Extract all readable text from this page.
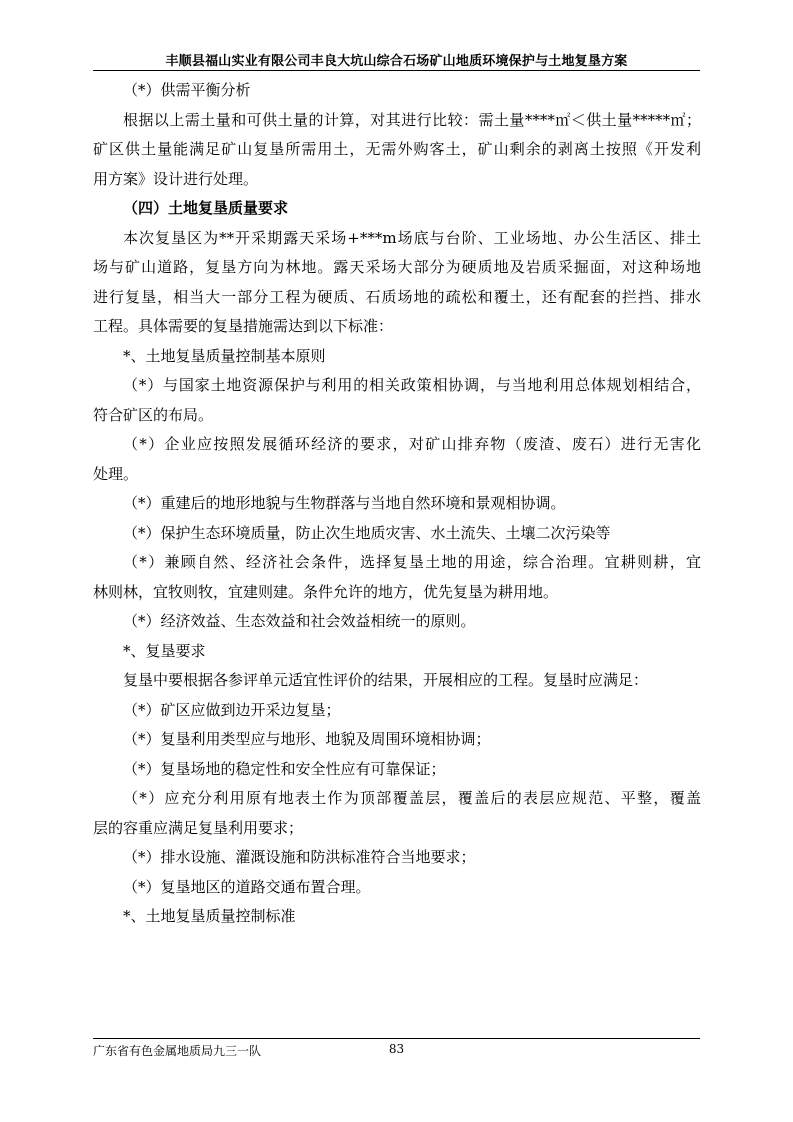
丰顺县福山实业有限公司丰良大坑山综合石场矿山地质环境保护与土地复垦方案
（*）供需平衡分析
根据以上需土量和可供土量的计算，对其进行比较：需土量****㎡＜供土量*****㎡；
矿区供土量能满足矿山复垦所需用土，无需外购客土，矿山剩余的剥离土按照《开发利
用方案》设计进行处理。
（四）土地复垦质量要求
本次复垦区为**开采期露天采场+***m场底与台阶、工业场地、办公生活区、排土
场与矿山道路，复垦方向为林地。露天采场大部分为硬质地及岩质采掘面，对这种场地
进行复垦，相当大一部分工程为硬质、石质场地的疏松和覆土，还有配套的拦挡、排水
工程。具体需要的复垦措施需达到以下标准：
*、土地复垦质量控制基本原则
（*）与国家土地资源保护与利用的相关政策相协调，与当地利用总体规划相结合，
符合矿区的布局。
（*）企业应按照发展循环经济的要求，对矿山排弃物（废渣、废石）进行无害化
处理。
（*）重建后的地形地貌与生物群落与当地自然环境和景观相协调。
（*）保护生态环境质量，防止次生地质灾害、水土流失、土壤二次污染等
（*）兼顾自然、经济社会条件，选择复垦土地的用途，综合治理。宜耕则耕，宜
林则林，宜牧则牧，宜建则建。条件允许的地方，优先复垦为耕用地。
（*）经济效益、生态效益和社会效益相统一的原则。
*、复垦要求
复垦中要根据各参评单元适宜性评价的结果，开展相应的工程。复垦时应满足：
（*）矿区应做到边开采边复垦；
（*）复垦利用类型应与地形、地貌及周围环境相协调；
（*）复垦场地的稳定性和安全性应有可靠保证；
（*）应充分利用原有地表土作为顶部覆盖层，覆盖后的表层应规范、平整，覆盖
层的容重应满足复垦利用要求；
（*）排水设施、灌溉设施和防洪标准符合当地要求；
（*）复垦地区的道路交通布置合理。
*、土地复垦质量控制标准
广东省有色金属地质局九三一队	83
